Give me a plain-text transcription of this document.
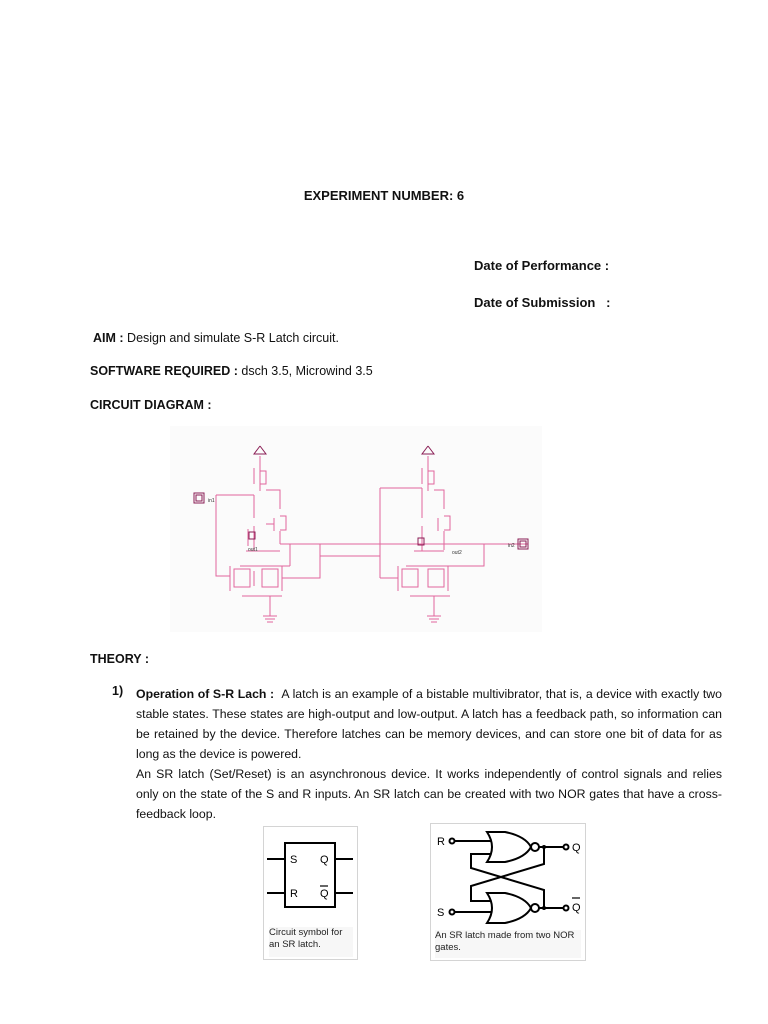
EXPERIMENT NUMBER: 6
Date of Performance :
Date of Submission   :
AIM : Design and simulate S-R Latch circuit.
SOFTWARE REQUIRED : dsch 3.5, Microwind 3.5
CIRCUIT DIAGRAM :
in1
out1
in2
out2
THEORY :
1) Operation of S-R Lach : A latch is an example of a bistable multivibrator, that is, a device with exactly two stable states. These states are high-output and low-output. A latch has a feedback path, so information can be retained by the device. Therefore latches can be memory devices, and can store one bit of data for as long as the device is powered.

An SR latch (Set/Reset) is an asynchronous device. It works independently of control signals and relies only on the state of the S and R inputs. An SR latch can be created with two NOR gates that have a cross-feedback loop.

S
R
Q
Q
Circuit symbol for an SR latch.
R
S
Q
Q
An SR latch made from two NOR gates.
